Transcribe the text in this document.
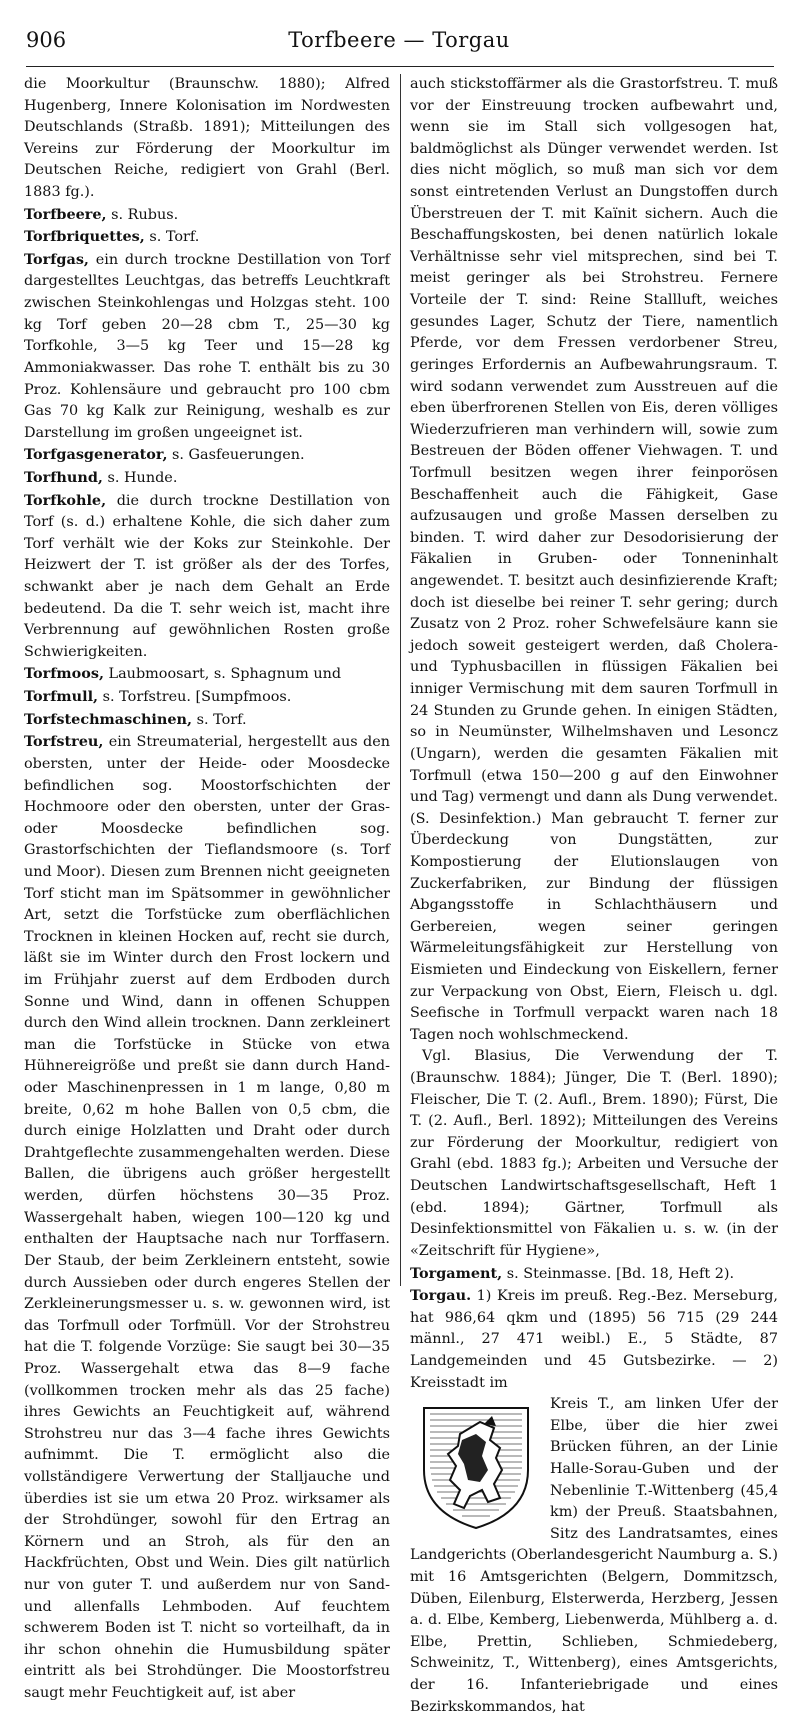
906	Torfbeere — Torgau

die Moorkultur (Braunschw. 1880); Alfred Hugenberg, Innere Kolonisation im Nordwesten Deutschlands (Straßb. 1891); Mitteilungen des Vereins zur Förderung der Moorkultur im Deutschen Reiche, redigiert von Grahl (Berl. 1883 fg.).

Torfbeere, s. Rubus.

Torfbriquettes, s. Torf.

Torfgas, ein durch trockne Destillation von Torf dargestelltes Leuchtgas, das betreffs Leuchtkraft zwischen Steinkohlengas und Holzgas steht. 100 kg Torf geben 20—28 cbm T., 25—30 kg Torfkohle, 3—5 kg Teer und 15—28 kg Ammoniakwasser. Das rohe T. enthält bis zu 30 Proz. Kohlensäure und gebraucht pro 100 cbm Gas 70 kg Kalk zur Reinigung, weshalb es zur Darstellung im großen ungeeignet ist.

Torfgasgenerator, s. Gasfeuerungen.

Torfhund, s. Hunde.

Torfkohle, die durch trockne Destillation von Torf (s. d.) erhaltene Kohle, die sich daher zum Torf verhält wie der Koks zur Steinkohle. Der Heizwert der T. ist größer als der des Torfes, schwankt aber je nach dem Gehalt an Erde bedeutend. Da die T. sehr weich ist, macht ihre Verbrennung auf gewöhnlichen Rosten große Schwierigkeiten.

Torfmoos, Laubmoosart, s. Sphagnum und

Torfmull, s. Torfstreu. [Sumpfmoos.

Torfstechmaschinen, s. Torf.

Torfstreu, ein Streumaterial, hergestellt aus den obersten, unter der Heide- oder Moosdecke befindlichen sog. Moostorfschichten der Hochmoore oder den obersten, unter der Gras- oder Moosdecke befindlichen sog. Grastorfschichten der Tieflandsmoore (s. Torf und Moor). Diesen zum Brennen nicht geeigneten Torf sticht man im Spätsommer in gewöhnlicher Art, setzt die Torfstücke zum oberflächlichen Trocknen in kleinen Hocken auf, recht sie durch, läßt sie im Winter durch den Frost lockern und im Frühjahr zuerst auf dem Erdboden durch Sonne und Wind, dann in offenen Schuppen durch den Wind allein trocknen. Dann zerkleinert man die Torfstücke in Stücke von etwa Hühnereigröße und preßt sie dann durch Hand- oder Maschinenpressen in 1 m lange, 0,80 m breite, 0,62 m hohe Ballen von 0,5 cbm, die durch einige Holzlatten und Draht oder durch Drahtgeflechte zusammengehalten werden. Diese Ballen, die übrigens auch größer hergestellt werden, dürfen höchstens 30—35 Proz. Wassergehalt haben, wiegen 100—120 kg und enthalten der Hauptsache nach nur Torffasern. Der Staub, der beim Zerkleinern entsteht, sowie durch Aussieben oder durch engeres Stellen der Zerkleinerungsmesser u. s. w. gewonnen wird, ist das Torfmull oder Torfmüll. Vor der Strohstreu hat die T. folgende Vorzüge: Sie saugt bei 30—35 Proz. Wassergehalt etwa das 8—9 fache (vollkommen trocken mehr als das 25 fache) ihres Gewichts an Feuchtigkeit auf, während Strohstreu nur das 3—4 fache ihres Gewichts aufnimmt. Die T. ermöglicht also die vollständigere Verwertung der Stalljauche und überdies ist sie um etwa 20 Proz. wirksamer als der Strohdünger, sowohl für den Ertrag an Körnern und an Stroh, als für den an Hackfrüchten, Obst und Wein. Dies gilt natürlich nur von guter T. und außerdem nur von Sand- und allenfalls Lehmboden. Auf feuchtem schwerem Boden ist T. nicht so vorteilhaft, da in ihr schon ohnehin die Humusbildung später eintritt als bei Strohdünger. Die Moostorfstreu saugt mehr Feuchtigkeit auf, ist aber

auch stickstoffärmer als die Grastorfstreu. T. muß vor der Einstreuung trocken aufbewahrt und, wenn sie im Stall sich vollgesogen hat, baldmöglichst als Dünger verwendet werden. Ist dies nicht möglich, so muß man sich vor dem sonst eintretenden Verlust an Dungstoffen durch Überstreuen der T. mit Kaïnit sichern. Auch die Beschaffungskosten, bei denen natürlich lokale Verhältnisse sehr viel mitsprechen, sind bei T. meist geringer als bei Strohstreu. Fernere Vorteile der T. sind: Reine Stallluft, weiches gesundes Lager, Schutz der Tiere, namentlich Pferde, vor dem Fressen verdorbener Streu, geringes Erfordernis an Aufbewahrungsraum. T. wird sodann verwendet zum Ausstreuen auf die eben überfrorenen Stellen von Eis, deren völliges Wiederzufrieren man verhindern will, sowie zum Bestreuen der Böden offener Viehwagen. T. und Torfmull besitzen wegen ihrer feinporösen Beschaffenheit auch die Fähigkeit, Gase aufzusaugen und große Massen derselben zu binden. T. wird daher zur Desodorisierung der Fäkalien in Gruben- oder Tonneninhalt angewendet. T. besitzt auch desinfizierende Kraft; doch ist dieselbe bei reiner T. sehr gering; durch Zusatz von 2 Proz. roher Schwefelsäure kann sie jedoch soweit gesteigert werden, daß Cholera- und Typhusbacillen in flüssigen Fäkalien bei inniger Vermischung mit dem sauren Torfmull in 24 Stunden zu Grunde gehen. In einigen Städten, so in Neumünster, Wilhelmshaven und Lesoncz (Ungarn), werden die gesamten Fäkalien mit Torfmull (etwa 150—200 g auf den Einwohner und Tag) vermengt und dann als Dung verwendet. (S. Desinfektion.) Man gebraucht T. ferner zur Überdeckung von Dungstätten, zur Kompostierung der Elutionslaugen von Zuckerfabriken, zur Bindung der flüssigen Abgangsstoffe in Schlachthäusern und Gerbereien, wegen seiner geringen Wärmeleitungsfähigkeit zur Herstellung von Eismieten und Eindeckung von Eiskellern, ferner zur Verpackung von Obst, Eiern, Fleisch u. dgl. Seefische in Torfmull verpackt waren nach 18 Tagen noch wohlschmeckend.

Vgl. Blasius, Die Verwendung der T. (Braunschw. 1884); Jünger, Die T. (Berl. 1890); Fleischer, Die T. (2. Aufl., Brem. 1890); Fürst, Die T. (2. Aufl., Berl. 1892); Mitteilungen des Vereins zur Förderung der Moorkultur, redigiert von Grahl (ebd. 1883 fg.); Arbeiten und Versuche der Deutschen Landwirtschaftsgesellschaft, Heft 1 (ebd. 1894); Gärtner, Torfmull als Desinfektionsmittel von Fäkalien u. s. w. (in der «Zeitschrift für Hygiene»,

Torgament, s. Steinmasse. [Bd. 18, Heft 2).

Torgau. 1) Kreis im preuß. Reg.-Bez. Merseburg, hat 986,64 qkm und (1895) 56 715 (29 244 männl., 27 471 weibl.) E., 5 Städte, 87 Landgemeinden und 45 Gutsbezirke. — 2) Kreisstadt im

Kreis T., am linken Ufer der Elbe, über die hier zwei Brücken führen, an der Linie Halle-Sorau-Guben und der Nebenlinie T.-Wittenberg (45,4 km) der Preuß. Staatsbahnen, Sitz des Landratsamtes, eines Landgerichts (Oberlandesgericht Naumburg a. S.) mit 16 Amtsgerichten (Belgern, Dommitzsch, Düben, Eilenburg, Elsterwerda, Herzberg, Jessen a. d. Elbe, Kemberg, Liebenwerda, Mühlberg a. d. Elbe, Prettin, Schlieben, Schmiedeberg, Schweinitz, T., Wittenberg), eines Amtsgerichts, der 16. Infanteriebrigade und eines Bezirkskommandos, hat
